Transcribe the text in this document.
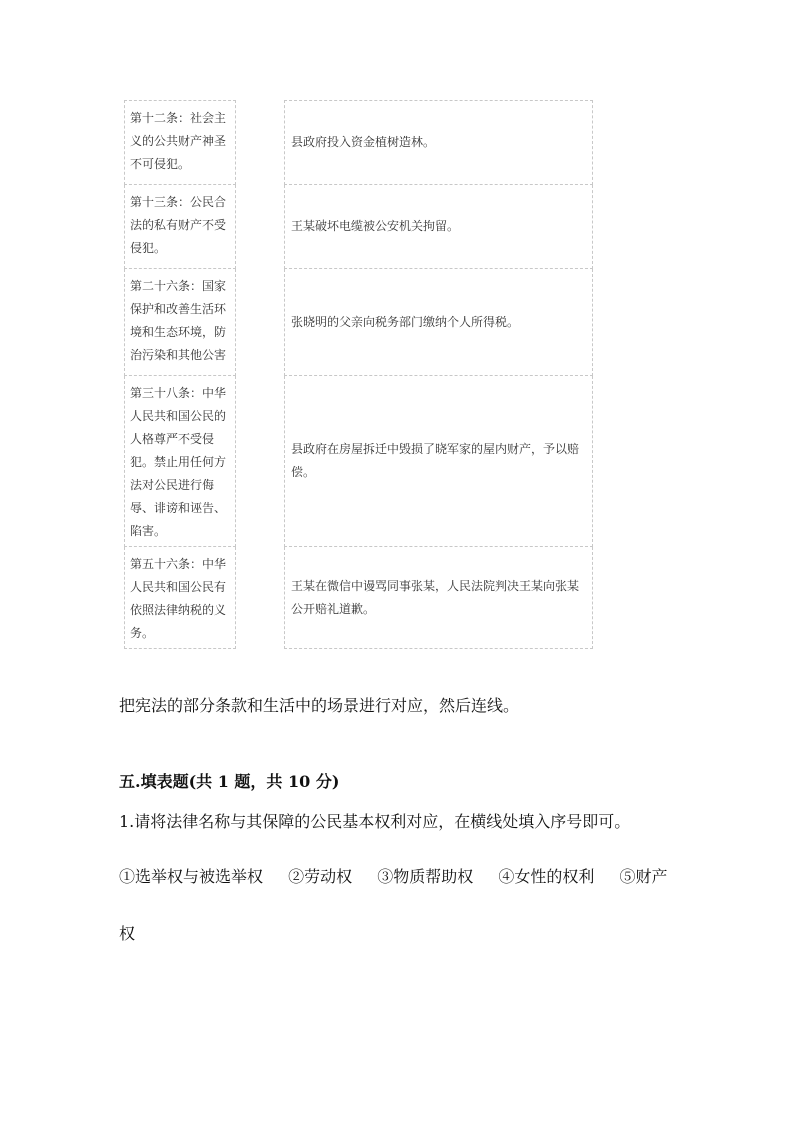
第十二条：社会主义的公共财产神圣不可侵犯。
第十三条：公民合法的私有财产不受侵犯。
第二十六条：国家保护和改善生活环境和生态环境，防治污染和其他公害
第三十八条：中华人民共和国公民的人格尊严不受侵犯。禁止用任何方法对公民进行侮辱、诽谤和诬告、陷害。
第五十六条：中华人民共和国公民有依照法律纳税的义务。
县政府投入资金植树造林。
王某破坏电缆被公安机关拘留。
张晓明的父亲向税务部门缴纳个人所得税。
县政府在房屋拆迁中毁损了晓军家的屋内财产，予以赔偿。
王某在微信中谩骂同事张某，人民法院判决王某向张某公开赔礼道歉。
把宪法的部分条款和生活中的场景进行对应，然后连线。
五.填表题(共 1 题，共 10 分)
1.请将法律名称与其保障的公民基本权利对应，在横线处填入序号即可。
①选举权与被选举权 ②劳动权 ③物质帮助权 ④女性的权利 ⑤财产
权
